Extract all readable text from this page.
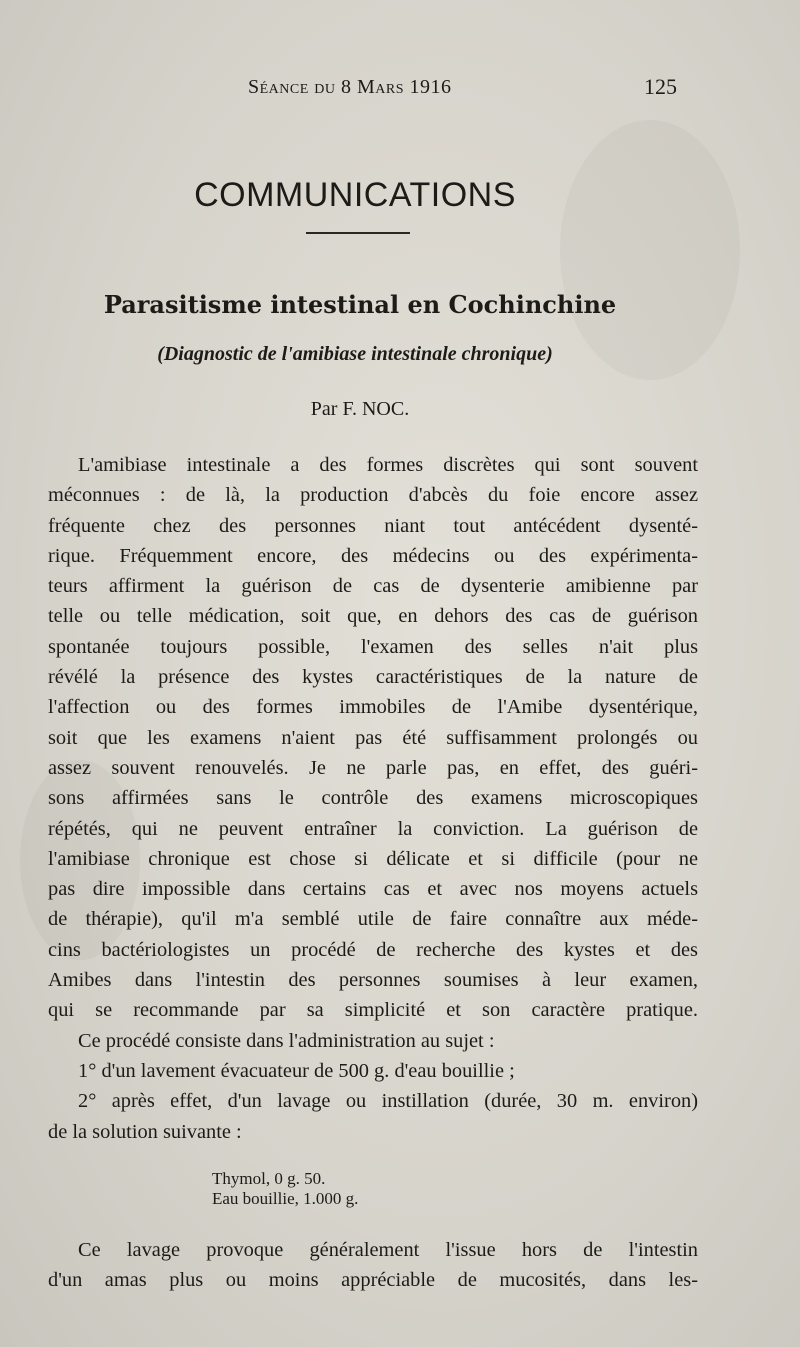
Séance du 8 Mars 1916	125
COMMUNICATIONS
Parasitisme intestinal en Cochinchine

(Diagnostic de l'amibiase intestinale chronique)

Par F. NOC.

L'amibiase intestinale a des formes discrètes qui sont souvent
méconnues : de là, la production d'abcès du foie encore assez
fréquente chez des personnes niant tout antécédent dysenté-
rique. Fréquemment encore, des médecins ou des expérimenta-
teurs affirment la guérison de cas de dysenterie amibienne par
telle ou telle médication, soit que, en dehors des cas de guérison
spontanée toujours possible, l'examen des selles n'ait plus
révélé la présence des kystes caractéristiques de la nature de
l'affection ou des formes immobiles de l'Amibe dysentérique,
soit que les examens n'aient pas été suffisamment prolongés ou
assez souvent renouvelés. Je ne parle pas, en effet, des guéri-
sons affirmées sans le contrôle des examens microscopiques
répétés, qui ne peuvent entraîner la conviction. La guérison de
l'amibiase chronique est chose si délicate et si difficile (pour ne
pas dire impossible dans certains cas et avec nos moyens actuels
de thérapie), qu'il m'a semblé utile de faire connaître aux méde-
cins bactériologistes un procédé de recherche des kystes et des
Amibes dans l'intestin des personnes soumises à leur examen,
qui se recommande par sa simplicité et son caractère pratique.
Ce procédé consiste dans l'administration au sujet :
1° d'un lavement évacuateur de 500 g. d'eau bouillie ;
2° après effet, d'un lavage ou instillation (durée, 30 m. environ)
de la solution suivante :
Thymol, 0 g. 50.
Eau bouillie, 1.000 g.
Ce lavage provoque généralement l'issue hors de l'intestin
d'un amas plus ou moins appréciable de mucosités, dans les-
